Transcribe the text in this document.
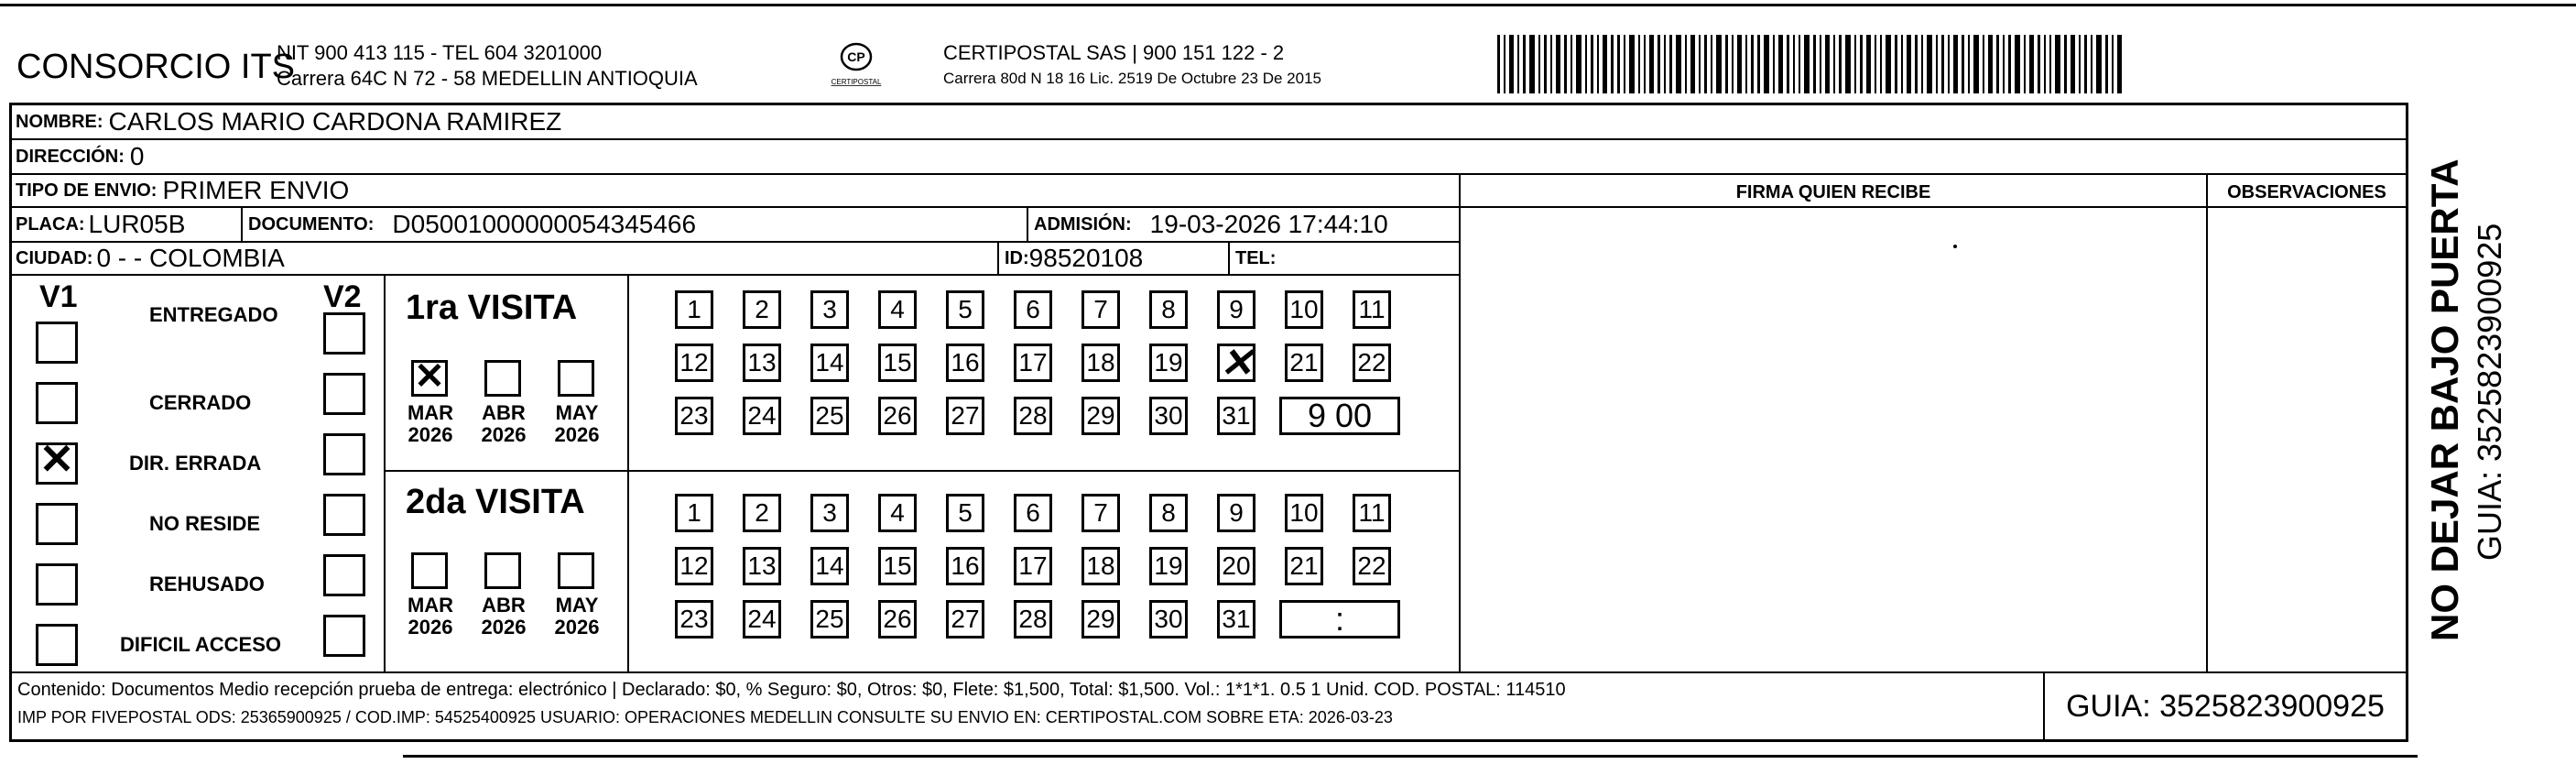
CONSORCIO ITS
NIT 900 413 115 - TEL 604 3201000
Carrera 64C N 72 - 58 MEDELLIN ANTIOQUIA
CP
CERTIPOSTAL
CERTIPOSTAL SAS | 900 151 122 - 2
Carrera 80d N 18 16 Lic. 2519 De Octubre 23 De 2015
NOMBRE: CARLOS MARIO CARDONA RAMIREZ
DIRECCIÓN: 0
TIPO DE ENVIO: PRIMER ENVIO
PLACA: LUR05B	DOCUMENTO: D05001000000054345466	ADMISIÓN: 19-03-2026 17:44:10
CIUDAD: 0 - - COLOMBIA	ID: 98520108	TEL:
FIRMA QUIEN RECIBE	OBSERVACIONES
V1	V2
ENTREGADO
CERRADO
✕
DIR. ERRADA
NO RESIDE
REHUSADO
DIFICIL ACCESO
1ra VISITA
✕
MAR
2026
ABR
2026
MAY
2026
1	2	3	4	5	6	7	8	9	10 11
12 13 14 15 16 17 18 19
✕	21 22
23 24 25 26 27 28 29 30 31	9 00
2da VISITA
MAR
2026
ABR
2026
MAY
2026
1	2	3	4	5	6	7	8	9	10 11
12 13 14 15 16 17 18 19 20 21 22
23 24 25 26 27 28 29 30 31	:
Contenido: Documentos Medio recepción prueba de entrega: electrónico | Declarado: $0, % Seguro: $0, Otros: $0, Flete: $1,500, Total: $1,500. Vol.: 1*1*1. 0.5 1 Unid. COD. POSTAL: 114510
IMP POR FIVEPOSTAL ODS: 25365900925 / COD.IMP: 54525400925 USUARIO: OPERACIONES MEDELLIN CONSULTE SU ENVIO EN: CERTIPOSTAL.COM SOBRE ETA: 2026-03-23	GUIA: 3525823900925
NO DEJAR BAJO PUERTA GUIA: 3525823900925
